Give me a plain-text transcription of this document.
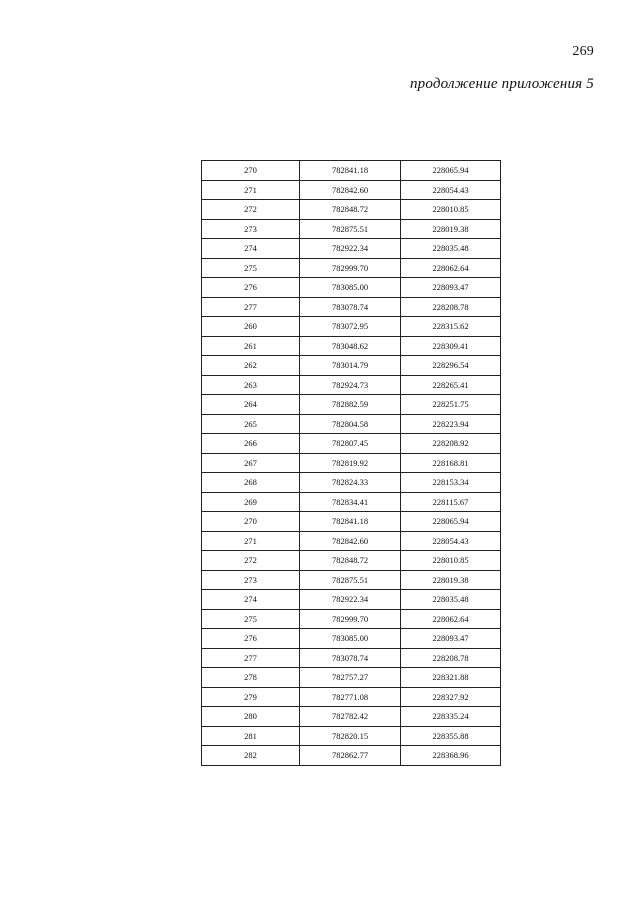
269
продолжение приложения 5
270	782841.18	228065.94
271	782842.60	228054.43
272	782848.72	228010.85
273	782875.51	228019.38
274	782922.34	228035.48
275	782999.70	228062.64
276	783085.00	228093.47
277	783078.74	228208.78
260	783072.95	228315.62
261	783048.62	228309.41
262	783014.79	228296.54
263	782924.73	228265.41
264	782882.59	228251.75
265	782804.58	228223.94
266	782807.45	228208.92
267	782819.92	228168.81
268	782824.33	228153.34
269	782834.41	228115.67
270	782841.18	228065.94
271	782842.60	228054.43
272	782848.72	228010.85
273	782875.51	228019.38
274	782922.34	228035.48
275	782999.70	228062.64
276	783085.00	228093.47
277	783078.74	228208.78
278	782757.27	228321.88
279	782771.08	228327.92
280	782782.42	228335.24
281	782820.15	228355.88
282	782862.77	228368.96
